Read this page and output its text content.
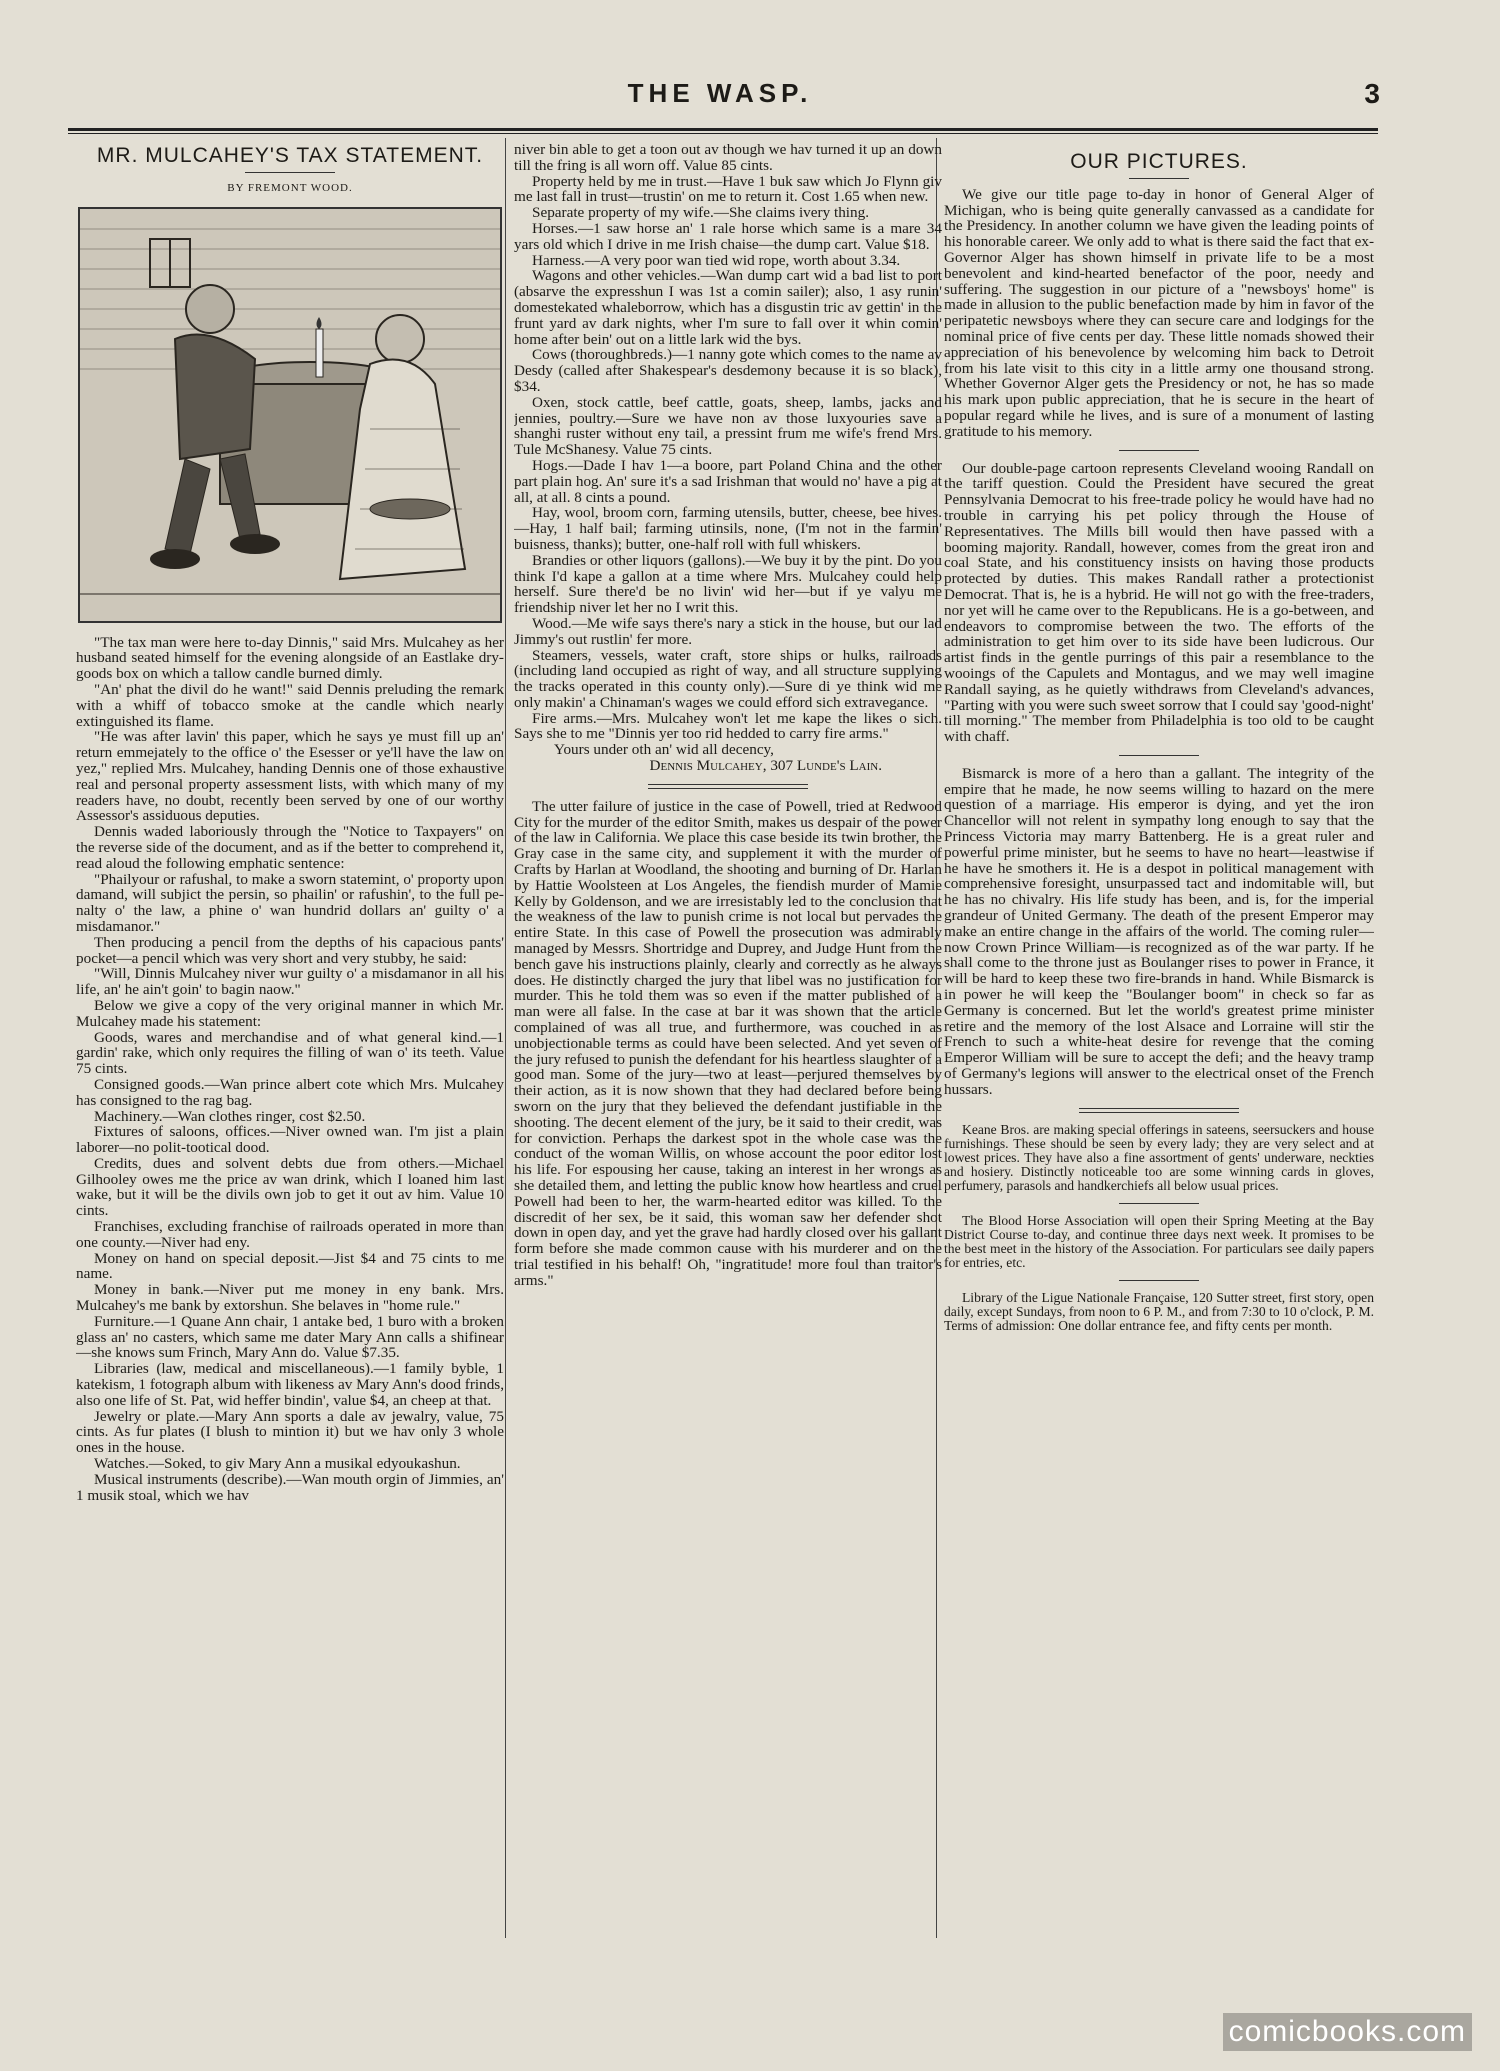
THE WASP.	3
MR. MULCAHEY'S TAX STATEMENT.
BY FREMONT WOOD.

"The tax man were here to-day Dinnis," said Mrs. Mulcahey as her husband seated himself for the evening alongside of an Eastlake dry-goods box on which a tallow candle burned dimly.

"An' phat the divil do he want!" said Dennis preluding the remark with a whiff of tobacco smoke at the candle which nearly extinguished its flame.

"He was after lavin' this paper, which he says ye must fill up an' return emmejately to the office o' the Esesser or ye'll have the law on yez," replied Mrs. Mulcahey, handing Dennis one of those exhaustive real and personal property assessment lists, with which many of my readers have, no doubt, recently been served by one of our worthy Assessor's assiduous deputies.

Dennis waded laboriously through the "Notice to Taxpayers" on the reverse side of the document, and as if the better to comprehend it, read aloud the following emphatic sentence:

"Phailyour or rafushal, to make a sworn statemint, o' proporty upon damand, will subjict the persin, so phailin' or rafushin', to the full pe-nalty o' the law, a phine o' wan hundrid dollars an' guilty o' a misdamanor."

Then producing a pencil from the depths of his capacious pants' pocket—a pencil which was very short and very stubby, he said:

"Will, Dinnis Mulcahey niver wur guilty o' a misdamanor in all his life, an' he ain't goin' to bagin naow."

Below we give a copy of the very original manner in which Mr. Mulcahey made his statement:

Goods, wares and merchandise and of what general kind.—1 gardin' rake, which only requires the filling of wan o' its teeth. Value 75 cints.

Consigned goods.—Wan prince albert cote which Mrs. Mulcahey has consigned to the rag bag.

Machinery.—Wan clothes ringer, cost $2.50.

Fixtures of saloons, offices.—Niver owned wan. I'm jist a plain laborer—no polit-tootical dood.

Credits, dues and solvent debts due from others.—Michael Gilhooley owes me the price av wan drink, which I loaned him last wake, but it will be the divils own job to get it out av him. Value 10 cints.

Franchises, excluding franchise of railroads operated in more than one county.—Niver had eny.

Money on hand on special deposit.—Jist $4 and 75 cints to me name.

Money in bank.—Niver put me money in eny bank. Mrs. Mulcahey's me bank by extorshun. She belaves in "home rule."

Furniture.—1 Quane Ann chair, 1 antake bed, 1 buro with a broken glass an' no casters, which same me dater Mary Ann calls a shifinear—she knows sum Frinch, Mary Ann do. Value $7.35.

Libraries (law, medical and miscellaneous).—1 family byble, 1 katekism, 1 fotograph album with likeness av Mary Ann's dood frinds, also one life of St. Pat, wid heffer bindin', value $4, an cheep at that.

Jewelry or plate.—Mary Ann sports a dale av jewalry, value, 75 cints. As fur plates (I blush to mintion it) but we hav only 3 whole ones in the house.

Watches.—Soked, to giv Mary Ann a musikal edyoukashun.

Musical instruments (describe).—Wan mouth orgin of Jimmies, an' 1 musik stoal, which we hav

niver bin able to get a toon out av though we hav turned it up an down till the fring is all worn off. Value 85 cints.

Property held by me in trust.—Have 1 buk saw which Jo Flynn giv me last fall in trust—trustin' on me to return it. Cost 1.65 when new.

Separate property of my wife.—She claims ivery thing.

Horses.—1 saw horse an' 1 rale horse which same is a mare 34 yars old which I drive in me Irish chaise—the dump cart. Value $18.

Harness.—A very poor wan tied wid rope, worth about 3.34.

Wagons and other vehicles.—Wan dump cart wid a bad list to port (absarve the expresshun I was 1st a comin sailer); also, 1 asy runin' domestekated whaleborrow, which has a disgustin tric av gettin' in the frunt yard av dark nights, wher I'm sure to fall over it whin comin' home after bein' out on a little lark wid the bys.

Cows (thoroughbreds.)—1 nanny gote which comes to the name av Desdy (called after Shakespear's desdemony because it is so black), $34.

Oxen, stock cattle, beef cattle, goats, sheep, lambs, jacks and jennies, poultry.—Sure we have non av those luxyouries save a shanghi ruster without eny tail, a pressint frum me wife's frend Mrs. Tule McShanesy. Value 75 cints.

Hogs.—Dade I hav 1—a boore, part Poland China and the other part plain hog. An' sure it's a sad Irishman that would no' have a pig at all, at all. 8 cints a pound.

Hay, wool, broom corn, farming utensils, butter, cheese, bee hives.—Hay, 1 half bail; farming utinsils, none, (I'm not in the farmin' buisness, thanks); butter, one-half roll with full whiskers.

Brandies or other liquors (gallons).—We buy it by the pint. Do you think I'd kape a gallon at a time where Mrs. Mulcahey could help herself. Sure there'd be no livin' wid her—but if ye valyu me friendship niver let her no I writ this.

Wood.—Me wife says there's nary a stick in the house, but our lad Jimmy's out rustlin' fer more.

Steamers, vessels, water craft, store ships or hulks, railroads (including land occupied as right of way, and all structure supplying the tracks operated in this county only).—Sure di ye think wid me only makin' a Chinaman's wages we could efford sich extravegance.

Fire arms.—Mrs. Mulcahey won't let me kape the likes o sich. Says she to me "Dinnis yer too rid hedded to carry fire arms."

Yours under oth an' wid all decency,

Dennis Mulcahey, 307 Lunde's Lain.

The utter failure of justice in the case of Powell, tried at Redwood City for the murder of the editor Smith, makes us despair of the power of the law in California. We place this case beside its twin brother, the Gray case in the same city, and supplement it with the murder of Crafts by Harlan at Woodland, the shooting and burning of Dr. Harlan by Hattie Woolsteen at Los Angeles, the fiendish murder of Mamie Kelly by Goldenson, and we are irresistably led to the conclusion that the weakness of the law to punish crime is not local but pervades the entire State. In this case of Powell the prosecution was admirably managed by Messrs. Shortridge and Duprey, and Judge Hunt from the bench gave his instructions plainly, clearly and correctly as he always does. He distinctly charged the jury that libel was no justification for murder. This he told them was so even if the matter published of a man were all false. In the case at bar it was shown that the article complained of was all true, and furthermore, was couched in as unobjectionable terms as could have been selected. And yet seven of the jury refused to punish the defendant for his heartless slaughter of a good man. Some of the jury—two at least—perjured themselves by their action, as it is now shown that they had declared before being sworn on the jury that they believed the defendant justifiable in the shooting. The decent element of the jury, be it said to their credit, was for conviction. Perhaps the darkest spot in the whole case was the conduct of the woman Willis, on whose account the poor editor lost his life. For espousing her cause, taking an interest in her wrongs as she detailed them, and letting the public know how heartless and cruel Powell had been to her, the warm-hearted editor was killed. To the discredit of her sex, be it said, this woman saw her defender shot down in open day, and yet the grave had hardly closed over his gallant form before she made common cause with his murderer and on the trial testified in his behalf! Oh, "ingratitude! more foul than traitor's arms."

OUR PICTURES.

We give our title page to-day in honor of General Alger of Michigan, who is being quite generally canvassed as a candidate for the Presidency. In another column we have given the leading points of his honorable career. We only add to what is there said the fact that ex-Governor Alger has shown himself in private life to be a most benevolent and kind-hearted benefactor of the poor, needy and suffering. The suggestion in our picture of a "newsboys' home" is made in allusion to the public benefaction made by him in favor of the peripatetic newsboys where they can secure care and lodgings for the nominal price of five cents per day. These little nomads showed their appreciation of his benevolence by welcoming him back to Detroit from his late visit to this city in a little army one thousand strong. Whether Governor Alger gets the Presidency or not, he has so made his mark upon public appreciation, that he is secure in the heart of popular regard while he lives, and is sure of a monument of lasting gratitude to his memory.

Our double-page cartoon represents Cleveland wooing Randall on the tariff question. Could the President have secured the great Pennsylvania Democrat to his free-trade policy he would have had no trouble in carrying his pet policy through the House of Representatives. The Mills bill would then have passed with a booming majority. Randall, however, comes from the great iron and coal State, and his constituency insists on having those products protected by duties. This makes Randall rather a protectionist Democrat. That is, he is a hybrid. He will not go with the free-traders, nor yet will he came over to the Republicans. He is a go-between, and endeavors to compromise between the two. The efforts of the administration to get him over to its side have been ludicrous. Our artist finds in the gentle purrings of this pair a resemblance to the wooings of the Capulets and Montagus, and we may well imagine Randall saying, as he quietly withdraws from Cleveland's advances, "Parting with you were such sweet sorrow that I could say 'good-night' till morning." The member from Philadelphia is too old to be caught with chaff.

Bismarck is more of a hero than a gallant. The integrity of the empire that he made, he now seems willing to hazard on the mere question of a marriage. His emperor is dying, and yet the iron Chancellor will not relent in sympathy long enough to say that the Princess Victoria may marry Battenberg. He is a great ruler and powerful prime minister, but he seems to have no heart—leastwise if he have he smothers it. He is a despot in political management with comprehensive foresight, unsurpassed tact and indomitable will, but he has no chivalry. His life study has been, and is, for the imperial grandeur of United Germany. The death of the present Emperor may make an entire change in the affairs of the world. The coming ruler—now Crown Prince William—is recognized as of the war party. If he shall come to the throne just as Boulanger rises to power in France, it will be hard to keep these two fire-brands in hand. While Bismarck is in power he will keep the "Boulanger boom" in check so far as Germany is concerned. But let the world's greatest prime minister retire and the memory of the lost Alsace and Lorraine will stir the French to such a white-heat desire for revenge that the coming Emperor William will be sure to accept the defi; and the heavy tramp of Germany's legions will answer to the electrical onset of the French hussars.

Keane Bros. are making special offerings in sateens, seersuckers and house furnishings. These should be seen by every lady; they are very select and at lowest prices. They have also a fine assortment of gents' underware, neckties and hosiery. Distinctly noticeable too are some winning cards in gloves, perfumery, parasols and handkerchiefs all below usual prices.

The Blood Horse Association will open their Spring Meeting at the Bay District Course to-day, and continue three days next week. It promises to be the best meet in the history of the Association. For particulars see daily papers for entries, etc.

Library of the Ligue Nationale Française, 120 Sutter street, first story, open daily, except Sundays, from noon to 6 P. M., and from 7:30 to 10 o'clock, P. M. Terms of admission: One dollar entrance fee, and fifty cents per month.

comicbooks.com
